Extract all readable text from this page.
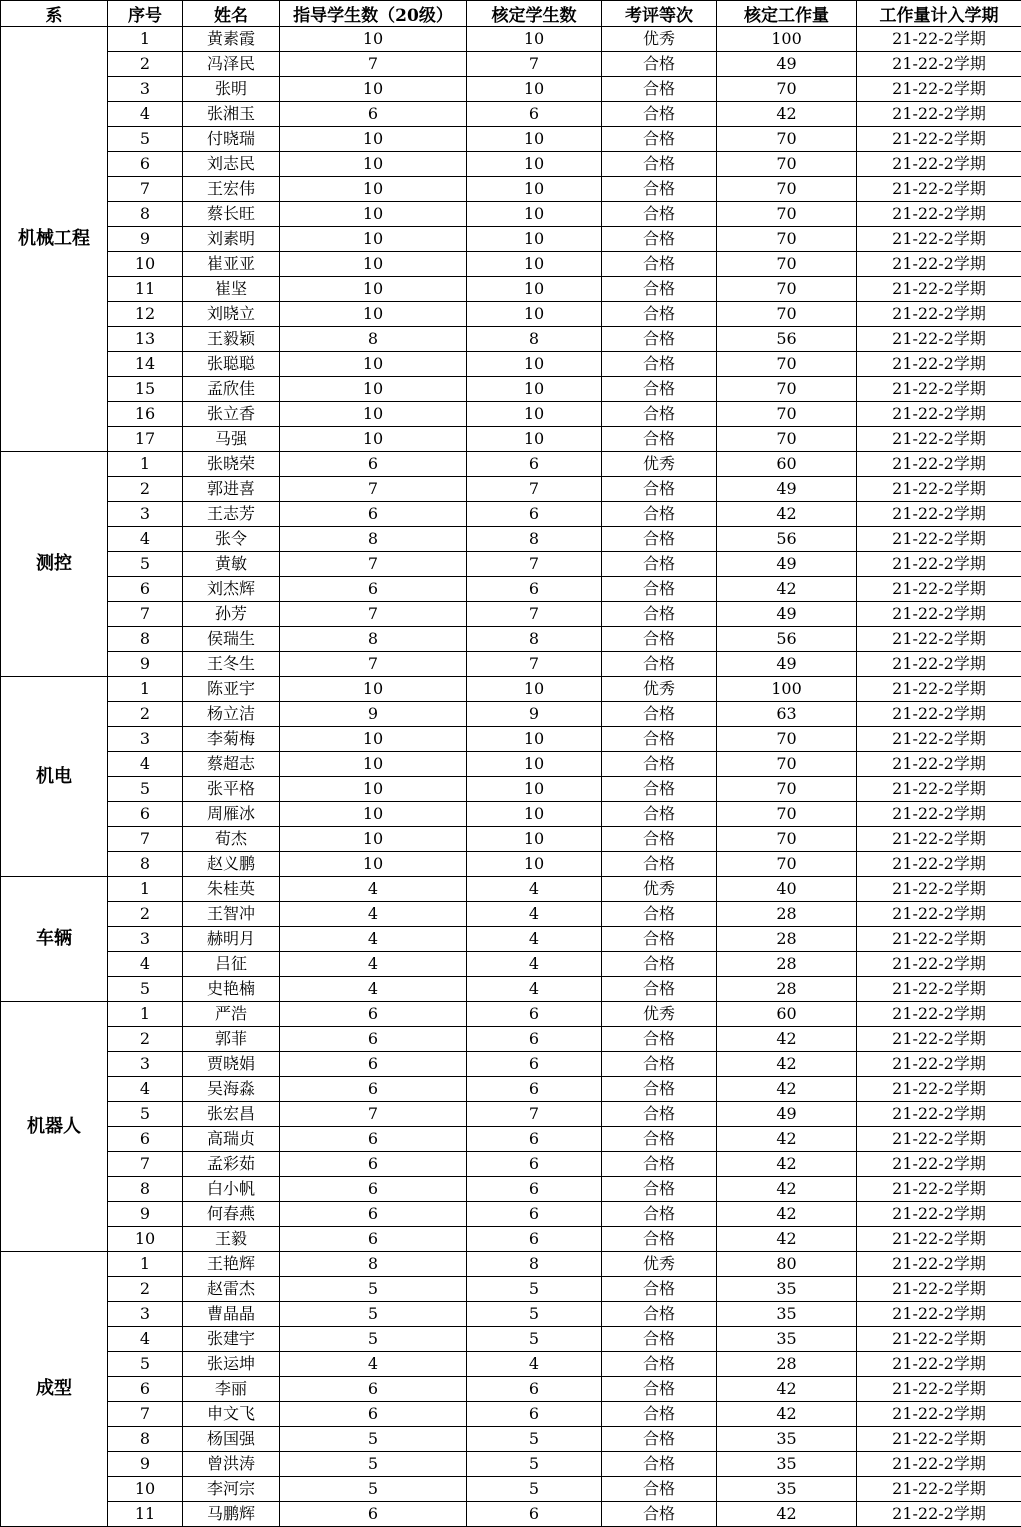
系	序号	姓名	指导学生数（20级）	核定学生数	考评等次	核定工作量	工作量计入学期
机械工程	1	黄素霞	10	10	优秀	100	21-22-2学期
	2	冯泽民	7	7	合格	49	21-22-2学期
	3	张明	10	10	合格	70	21-22-2学期
	4	张湘玉	6	6	合格	42	21-22-2学期
	5	付晓瑞	10	10	合格	70	21-22-2学期
	6	刘志民	10	10	合格	70	21-22-2学期
	7	王宏伟	10	10	合格	70	21-22-2学期
	8	蔡长旺	10	10	合格	70	21-22-2学期
	9	刘素明	10	10	合格	70	21-22-2学期
	10	崔亚亚	10	10	合格	70	21-22-2学期
	11	崔坚	10	10	合格	70	21-22-2学期
	12	刘晓立	10	10	合格	70	21-22-2学期
	13	王毅颖	8	8	合格	56	21-22-2学期
	14	张聪聪	10	10	合格	70	21-22-2学期
	15	孟欣佳	10	10	合格	70	21-22-2学期
	16	张立香	10	10	合格	70	21-22-2学期
	17	马强	10	10	合格	70	21-22-2学期
测控	1	张晓荣	6	6	优秀	60	21-22-2学期
	2	郭进喜	7	7	合格	49	21-22-2学期
	3	王志芳	6	6	合格	42	21-22-2学期
	4	张令	8	8	合格	56	21-22-2学期
	5	黄敏	7	7	合格	49	21-22-2学期
	6	刘杰辉	6	6	合格	42	21-22-2学期
	7	孙芳	7	7	合格	49	21-22-2学期
	8	侯瑞生	8	8	合格	56	21-22-2学期
	9	王冬生	7	7	合格	49	21-22-2学期
机电	1	陈亚宇	10	10	优秀	100	21-22-2学期
	2	杨立洁	9	9	合格	63	21-22-2学期
	3	李菊梅	10	10	合格	70	21-22-2学期
	4	蔡超志	10	10	合格	70	21-22-2学期
	5	张平格	10	10	合格	70	21-22-2学期
	6	周雁冰	10	10	合格	70	21-22-2学期
	7	荀杰	10	10	合格	70	21-22-2学期
	8	赵义鹏	10	10	合格	70	21-22-2学期
车辆	1	朱桂英	4	4	优秀	40	21-22-2学期
	2	王智冲	4	4	合格	28	21-22-2学期
	3	赫明月	4	4	合格	28	21-22-2学期
	4	吕征	4	4	合格	28	21-22-2学期
	5	史艳楠	4	4	合格	28	21-22-2学期
机器人	1	严浩	6	6	优秀	60	21-22-2学期
	2	郭菲	6	6	合格	42	21-22-2学期
	3	贾晓娟	6	6	合格	42	21-22-2学期
	4	吴海淼	6	6	合格	42	21-22-2学期
	5	张宏昌	7	7	合格	49	21-22-2学期
	6	高瑞贞	6	6	合格	42	21-22-2学期
	7	孟彩茹	6	6	合格	42	21-22-2学期
	8	白小帆	6	6	合格	42	21-22-2学期
	9	何春燕	6	6	合格	42	21-22-2学期
	10	王毅	6	6	合格	42	21-22-2学期
成型	1	王艳辉	8	8	优秀	80	21-22-2学期
	2	赵雷杰	5	5	合格	35	21-22-2学期
	3	曹晶晶	5	5	合格	35	21-22-2学期
	4	张建宇	5	5	合格	35	21-22-2学期
	5	张运坤	4	4	合格	28	21-22-2学期
	6	李丽	6	6	合格	42	21-22-2学期
	7	申文飞	6	6	合格	42	21-22-2学期
	8	杨国强	5	5	合格	35	21-22-2学期
	9	曾洪涛	5	5	合格	35	21-22-2学期
	10	李河宗	5	5	合格	35	21-22-2学期
	11	马鹏辉	6	6	合格	42	21-22-2学期
